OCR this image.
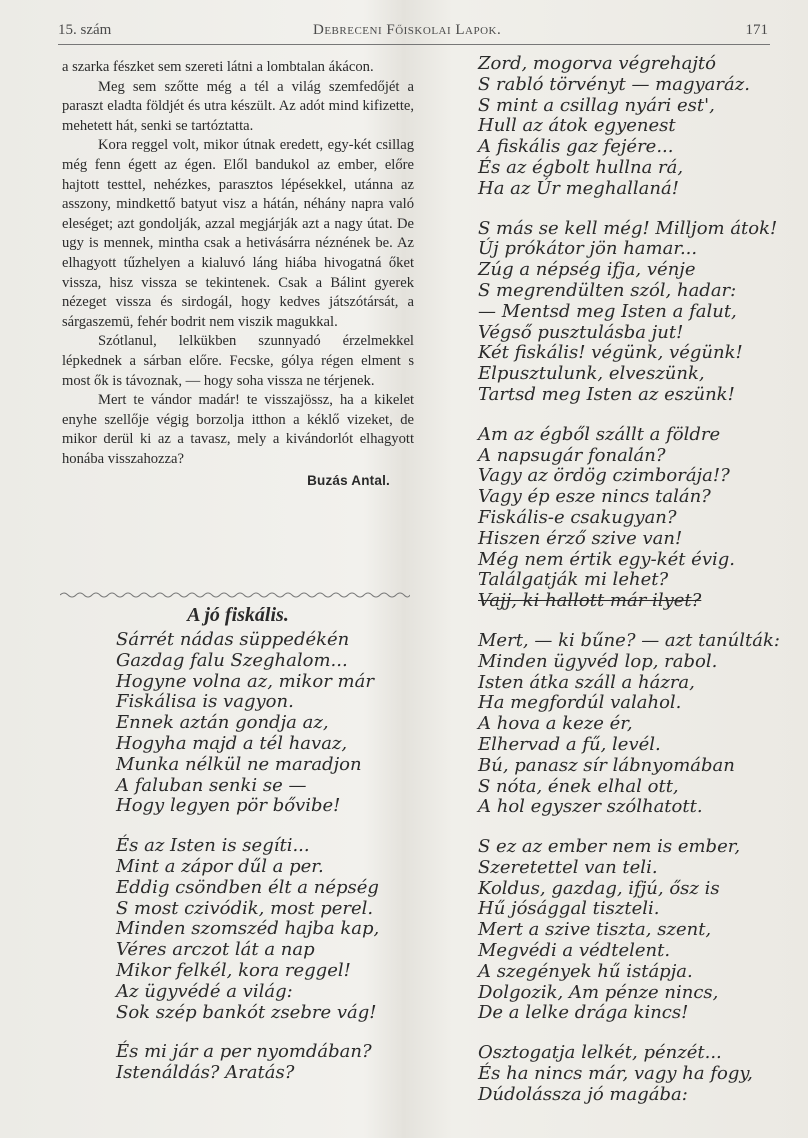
15. szám	Debreceni Főiskolai Lapok.	171

a szarka fészket sem szereti látni a lombtalan ákácon.

Meg sem szőtte még a tél a világ szemfedőjét a paraszt eladta földjét és utra készült. Az adót mind kifizette, mehetett hát, senki se tartóztatta.

Kora reggel volt, mikor útnak eredett, egy-két csillag még fenn égett az égen. Elől bandukol az ember, előre hajtott testtel, nehézkes, parasztos lépésekkel, utánna az asszony, mindkettő batyut visz a hátán, néhány napra való eleséget; azt gondolják, azzal megjárják azt a nagy útat. De ugy is mennek, mintha csak a hetivásárra néznének be. Az elhagyott tűzhelyen a kialuvó láng hiába hivogatná őket vissza, hisz vissza se tekintenek. Csak a Bálint gyerek nézeget vissza és sirdogál, hogy kedves játszótársát, a sárgaszemü, fehér bodrit nem viszik magukkal.

Szótlanul, lelkükben szunnyadó érzelmekkel lépkednek a sárban előre. Fecske, gólya régen elment s most ők is távoznak, — hogy soha vissza ne térjenek.

Mert te vándor madár! te visszajössz, ha a kikelet enyhe szellője végig borzolja itthon a kéklő vizeket, de mikor derül ki az a tavasz, mely a kivándorlót elhagyott honába visszahozza?

Buzás Antal.
A jó fiskális.
Sárrét nádas süppedékén
Gazdag falu Szeghalom...
Hogyne volna az, mikor már
Fiskálisa is vagyon.
Ennek aztán gondja az,
Hogyha majd a tél havaz,
Munka nélkül ne maradjon
A faluban senki se —
Hogy legyen pör bővibe!
És az Isten is segíti...
Mint a zápor dűl a per.
Eddig csöndben élt a népség
S most czivódik, most perel.
Minden szomszéd hajba kap,
Véres arczot lát a nap
Mikor felkél, kora reggel!
Az ügyvédé a világ:
Sok szép bankót zsebre vág!
És mi jár a per nyomdában?
Istenáldás? Aratás?
Zord, mogorva végrehajtó
S rabló törvényt — magyaráz.
S mint a csillag nyári est',
Hull az átok egyenest
A fiskális gaz fejére...
És az égbolt hullna rá,
Ha az Úr meghallaná!
S más se kell még! Milljom átok!
Új prókátor jön hamar...
Zúg a népség ifja, vénje
S megrendülten szól, hadar:
— Mentsd meg Isten a falut,
Végső pusztulásba jut!
Két fiskális! végünk, végünk!
Elpusztulunk, elveszünk,
Tartsd meg Isten az eszünk!
Am az égből szállt a földre
A napsugár fonalán?
Vagy az ördög czimborája!?
Vagy ép esze nincs talán?
Fiskális-e csakugyan?
Hiszen érző szive van!
Még nem értik egy-két évig.
Találgatják mi lehet?
Vajj, ki hallott már ilyet?
Mert, — ki bűne? — azt tanúlták:
Minden ügyvéd lop, rabol.
Isten átka száll a házra,
Ha megfordúl valahol.
A hova a keze ér,
Elhervad a fű, levél.
Bú, panasz sír lábnyomában
S nóta, ének elhal ott,
A hol egyszer szólhatott.
S ez az ember nem is ember,
Szeretettel van teli.
Koldus, gazdag, ifjú, ősz is
Hű jósággal tiszteli.
Mert a szive tiszta, szent,
Megvédi a védtelent.
A szegények hű istápja.
Dolgozik, Am pénze nincs,
De a lelke drága kincs!
Osztogatja lelkét, pénzét...
És ha nincs már, vagy ha fogy,
Dúdolássza jó magába:
